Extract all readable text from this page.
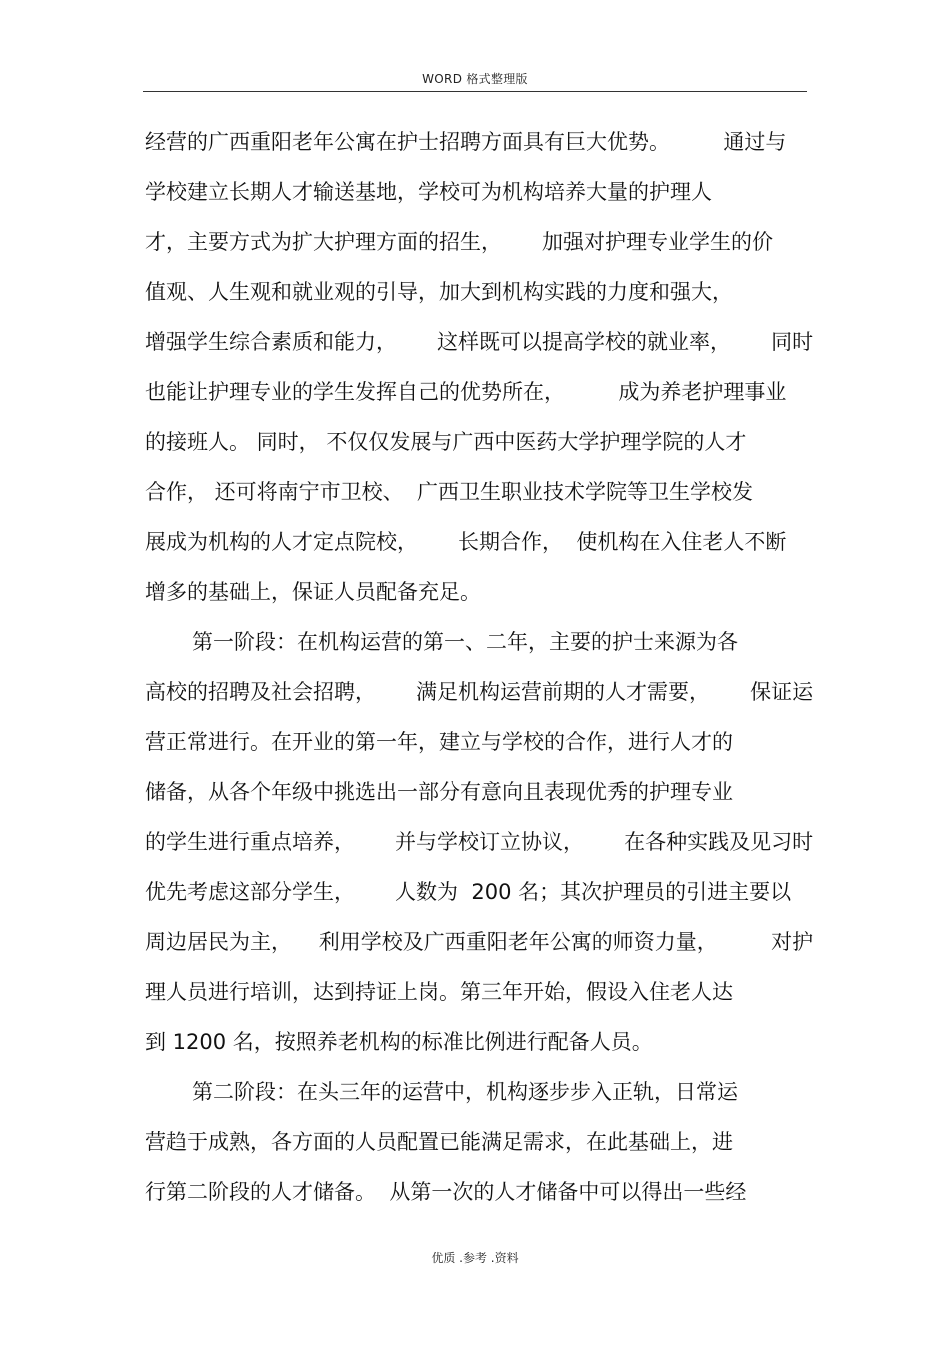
WORD 格式整理版
经营的广西重阳老年公寓在护士招聘方面具有巨大优势。        通过与
学校建立长期人才输送基地，学校可为机构培养大量的护理人
才，主要方式为扩大护理方面的招生，      加强对护理专业学生的价
值观、人生观和就业观的引导，加大到机构实践的力度和强大，
增强学生综合素质和能力，      这样既可以提高学校的就业率，      同时
也能让护理专业的学生发挥自己的优势所在，        成为养老护理事业
的接班人。 同时， 不仅仅发展与广西中医药大学护理学院的人才
合作， 还可将南宁市卫校、  广西卫生职业技术学院等卫生学校发
展成为机构的人才定点院校，      长期合作，  使机构在入住老人不断
增多的基础上，保证人员配备充足。
第一阶段：在机构运营的第一、二年，主要的护士来源为各
高校的招聘及社会招聘，      满足机构运营前期的人才需要，      保证运
营正常进行。在开业的第一年，建立与学校的合作，进行人才的
储备，从各个年级中挑选出一部分有意向且表现优秀的护理专业
的学生进行重点培养，      并与学校订立协议，      在各种实践及见习时
优先考虑这部分学生，      人数为  200 名；其次护理员的引进主要以
周边居民为主，    利用学校及广西重阳老年公寓的师资力量，        对护
理人员进行培训，达到持证上岗。第三年开始，假设入住老人达
到 1200 名，按照养老机构的标准比例进行配备人员。
第二阶段：在头三年的运营中，机构逐步步入正轨，日常运
营趋于成熟，各方面的人员配置已能满足需求，在此基础上，进
行第二阶段的人才储备。  从第一次的人才储备中可以得出一些经
优质 .参考 .资料
